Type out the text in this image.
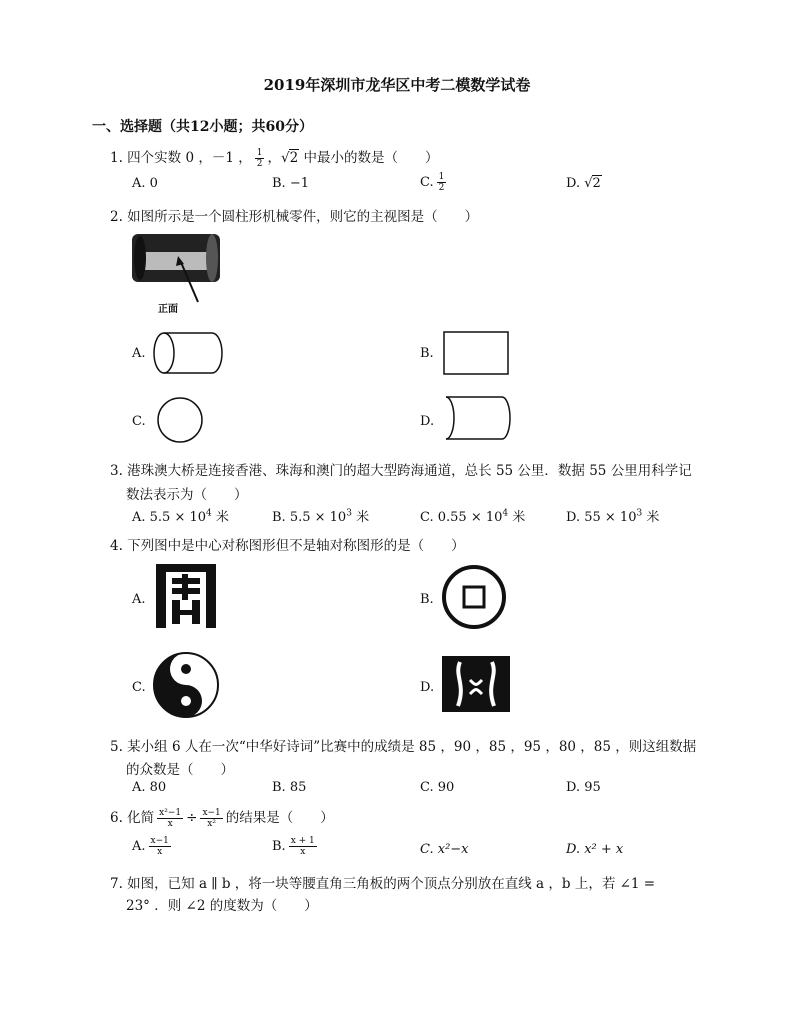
2019年深圳市龙华区中考二模数学试卷
一、选择题（共12小题；共60分）
1. 四个实数 0 ，－1 ， $\frac{1}{2}$ ，√2 中最小的数是（　　）
A. 0	B. −1	C. $\frac{1}{2}$	D. √2
2. 如图所示是一个圆柱形机械零件，则它的主视图是（　　）
正面
A.	B.
C.	D.
3. 港珠澳大桥是连接香港、珠海和澳门的超大型跨海通道，总长 55 公里．数据 55 公里用科学记
数法表示为（　　）
A. $5.5 \times 10^4$ 米	B. $5.5 \times 10^3$ 米	C. $0.55 \times 10^4$ 米	D. $55 \times 10^3$ 米
4. 下列图中是中心对称图形但不是轴对称图形的是（　　）
A.	B.
C.	D.
5. 某小组 6 人在一次“中华好诗词”比赛中的成绩是 85 ，90 ，85 ，95 ，80 ，85 ，则这组数据
的众数是（　　）
A. 80	B. 85	C. 90	D. 95
6. 化简 $\frac{\text{x²−1}}{x} \div \frac{x-1}{\text{x²}}$ 的结果是（　　）
A. $\frac{x-1}{x}$	B. $\frac{x + 1}{x}$	C. x²−x	D. x² + x
7. 如图，已知 a ∥ b ，将一块等腰直角三角板的两个顶点分别放在直线 a ，b 上，若 ∠1 =
23° ．则 ∠2 的度数为（　　）
